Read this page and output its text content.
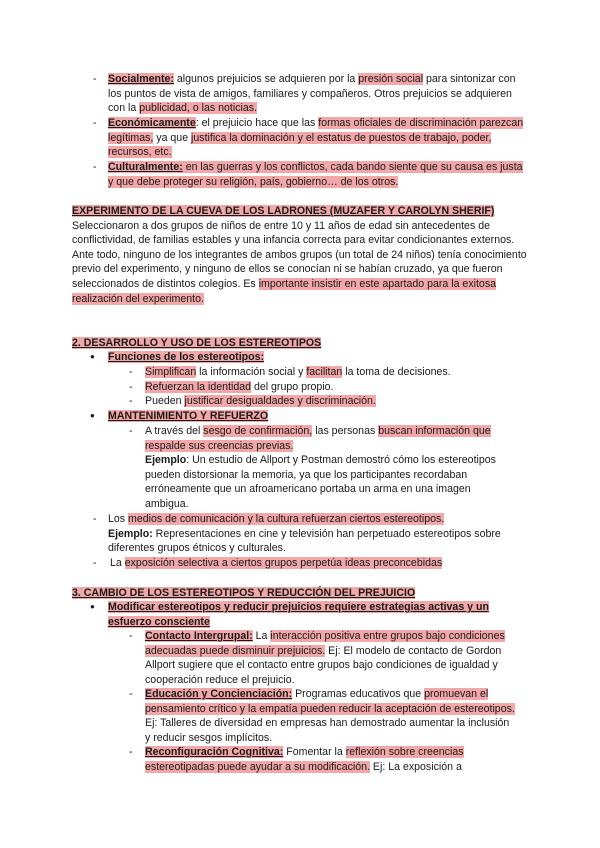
- Socialmente: algunos prejuicios se adquieren por la presión social para sintonizar con los puntos de vista de amigos, familiares y compañeros. Otros prejuicios se adquieren con la publicidad, o las noticias.
- Económicamente: el prejuicio hace que las formas oficiales de discriminación parezcan legítimas, ya que justifica la dominación y el estatus de puestos de trabajo, poder, recursos, etc.
- Culturalmente: en las guerras y los conflictos, cada bando siente que su causa es justa y que debe proteger su religión, país, gobierno… de los otros.
EXPERIMENTO DE LA CUEVA DE LOS LADRONES (MUZAFER Y CAROLYN SHERIF)

Seleccionaron a dos grupos de niños de entre 10 y 11 años de edad sin antecedentes de conflictividad, de familias estables y una infancia correcta para evitar condicionantes externos.

Ante todo, ninguno de los integrantes de ambos grupos (un total de 24 niños) tenía conocimiento previo del experimento, y ninguno de ellos se conocían ni se habían cruzado, ya que fueron seleccionados de distintos colegios. Es importante insistir en este apartado para la exitosa realización del experimento.

2. DESARROLLO Y USO DE LOS ESTEREOTIPOS
● Funciones de los estereotipos:
- Simplifican la información social y facilitan la toma de decisiones.
- Refuerzan la identidad del grupo propio.
- Pueden justificar desigualdades y discriminación.
● MANTENIMIENTO Y REFUERZO
- A través del sesgo de confirmación, las personas buscan información que respalde sus creencias previas.

Ejemplo: Un estudio de Allport y Postman demostró cómo los estereotipos pueden distorsionar la memoria, ya que los participantes recordaban erróneamente que un afroamericano portaba un arma en una imagen ambigua.

- Los medios de comunicación y la cultura refuerzan ciertos estereotipos.

Ejemplo: Representaciones en cine y televisión han perpetuado estereotipos sobre diferentes grupos étnicos y culturales.

- La exposición selectiva a ciertos grupos perpetúa ideas preconcebidas
3. CAMBIO DE LOS ESTEREOTIPOS Y REDUCCIÓN DEL PREJUICIO
● Modificar estereotipos y reducir prejuicios requiere estrategias activas y un esfuerzo consciente
- Contacto Intergrupal: La interacción positiva entre grupos bajo condiciones adecuadas puede disminuir prejuicios. Ej: El modelo de contacto de Gordon Allport sugiere que el contacto entre grupos bajo condiciones de igualdad y cooperación reduce el prejuicio.
- Educación y Concienciación: Programas educativos que promuevan el pensamiento crítico y la empatía pueden reducir la aceptación de estereotipos. Ej: Talleres de diversidad en empresas han demostrado aumentar la inclusión y reducir sesgos implícitos.
- Reconfiguración Cognitiva: Fomentar la reflexión sobre creencias estereotipadas puede ayudar a su modificación. Ej: La exposición a
